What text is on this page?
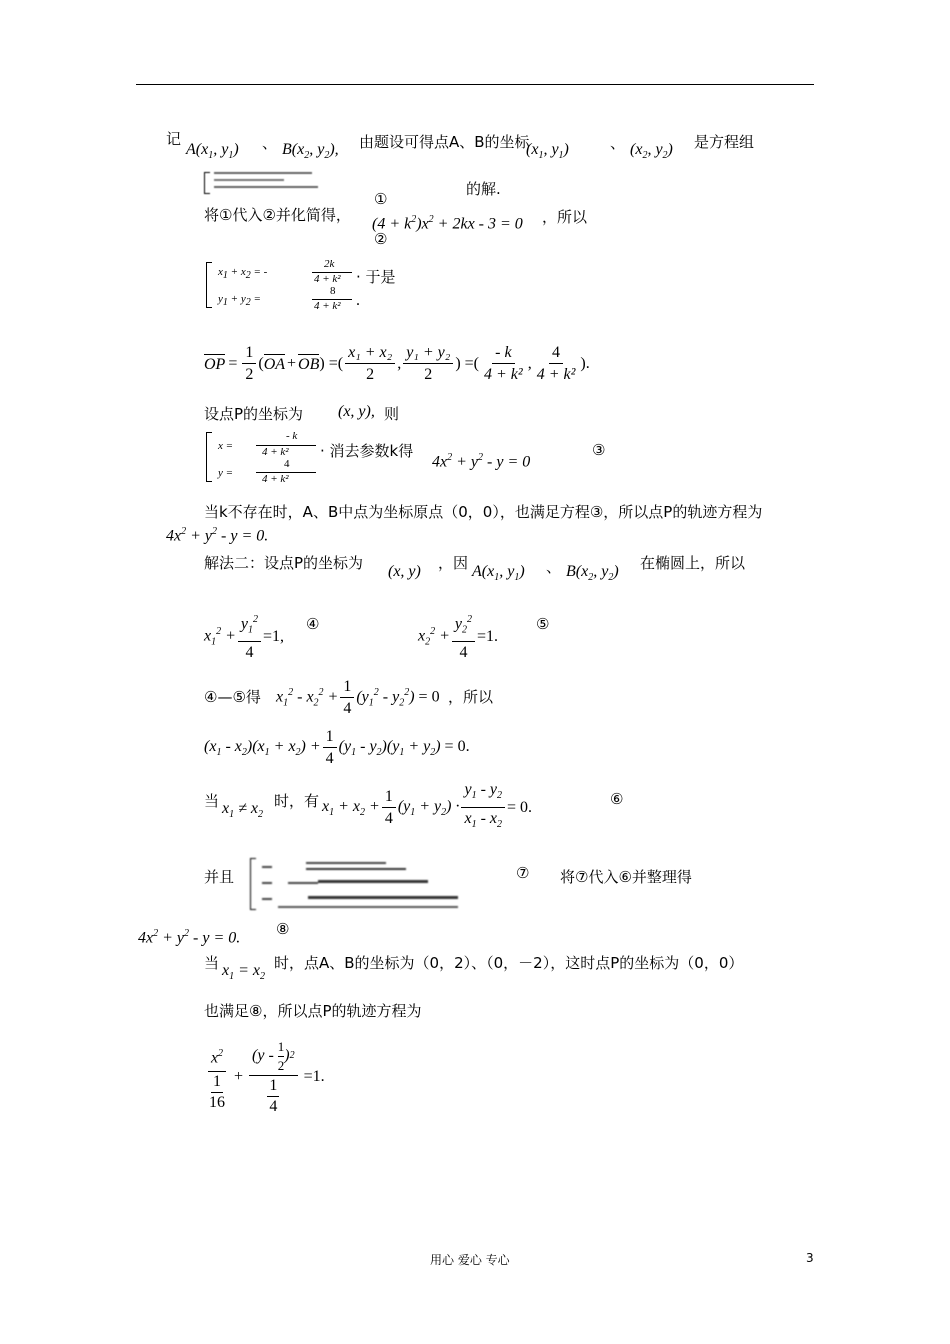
记
$A(x_1$, $y_1$) 、 $B(x_2$, $y_2$), 由题设可得点A、B的坐标
($x_1$, $y_1$)	、 ($x_2$, $y_2$) 是方程组
的解.
将①代入②并化简得，
①
②
$(4 + k^2)x^2 + 2kx - 3 = 0$ ，所以
$x_1 + x_2$ = -
2k
4 + k² · 于是
$y_1 + y_2$ =
8
4 + k² .
OP = $\frac{1}{2}$ ( OA + OB ) =( $\frac{\text{x₁ + x₂}}{2}$ , $\frac{\text{y₁ + y₂}}{2}$ ) =( $\frac{- k}{\text{4 + k²}}$ , $\frac{4}{\text{4 + k²}}$ ).
设点P的坐标为 (x, y), 则
x =
- k
4 + k² · 消去参数k得
y =
4
4 + k²
$4x^2 + y^2 - y = 0$
③
当k不存在时，A、B中点为坐标原点（0，0），也满足方程③，所以点P的轨迹方程为
$4x^2 + y^2 - y = 0$.
解法二：设点P的坐标为 (x, y) ，因 $A(x_1$, $y_1$) 、 $B(x_2$, $y_2$) 在椭圆上，所以
$x_1^2 + \frac{y_1^2}{4} =1$,
④
$x_2^2 + \frac{y_2^2}{4} =1$.
⑤
④—⑤得 $x_1^2 - x_2^2 + \frac{1}{4} (y_1^2 - y_2^2) = 0$ ，所以
$(x_1 - x_2)(x_1 + x_2) + \frac{1}{4} (y_1 - y_2)(y_1 + y_2) = 0$.
当 $x_1 \ne x_2$
时，有 $x_1 + x_2 + \frac{1}{4} (y_1 + y_2) \cdot \frac{y_1 - y_2}{x_1 - x_2} = 0$.	⑥
并且	⑦ 将⑦代入⑥并整理得
$4x^2 + y^2 - y = 0$. ⑧
当 $x_1 = x_2$
时，点A、B的坐标为（0，2）、（0，－2），这时点P的坐标为（0，0）
也满足⑧，所以点P的轨迹方程为
$x^2$
1
16 + (y -
1
2
) 2
1
4 =1.
用心 爱心 专心	3
